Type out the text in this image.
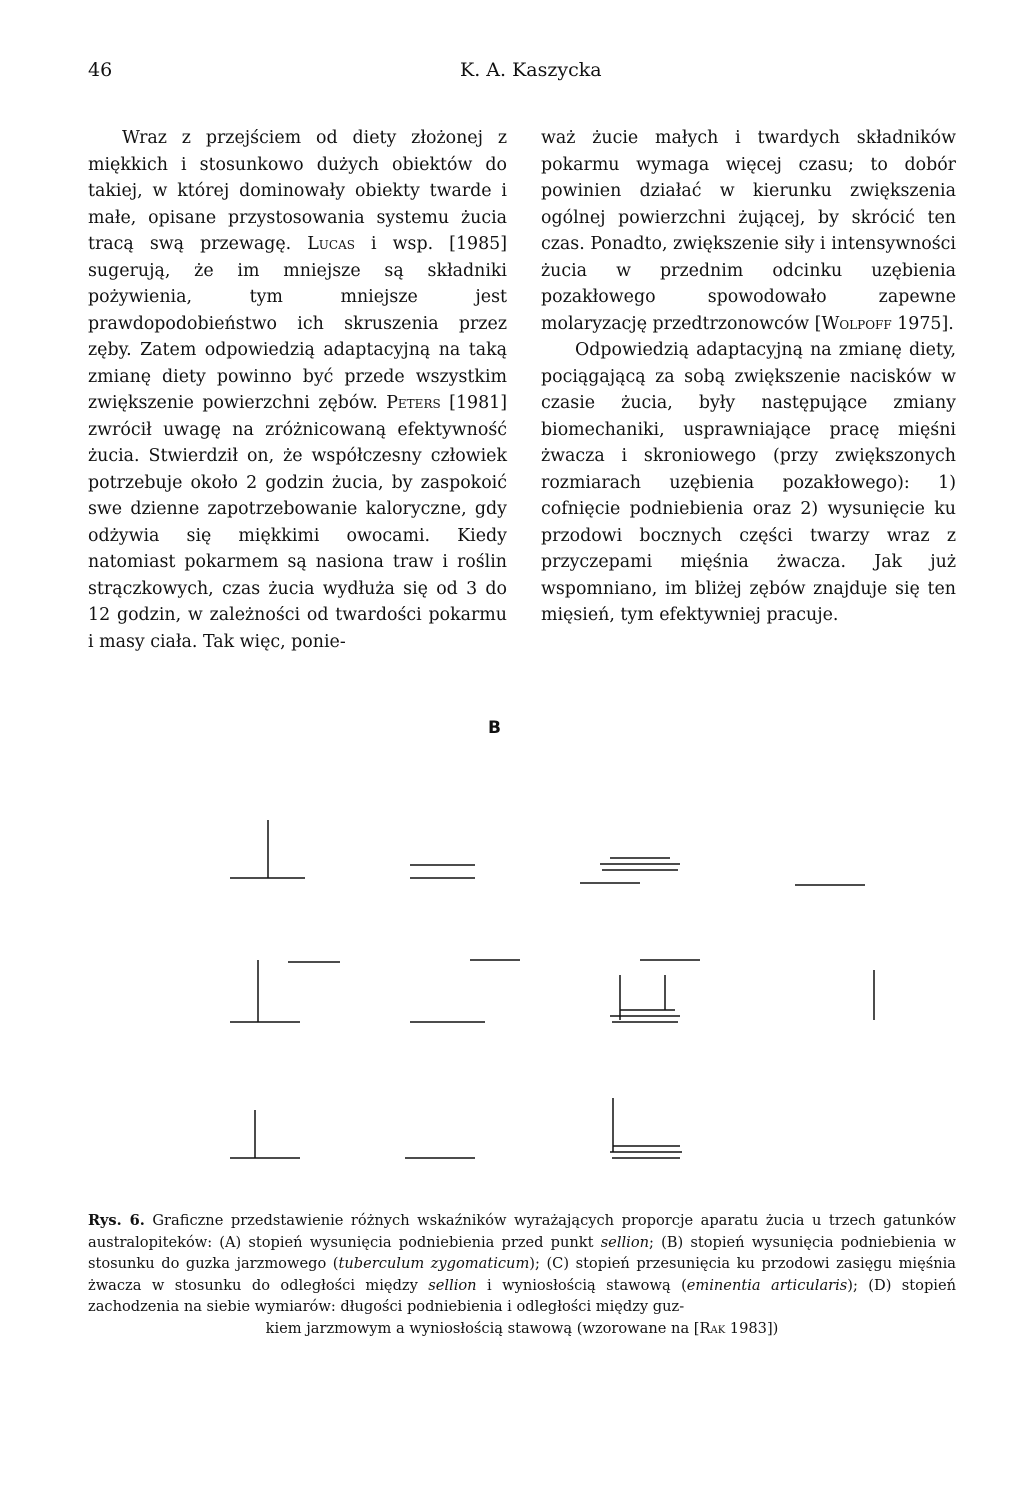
46	K. A. Kaszycka

Wraz z przejściem od diety złożonej z miękkich i stosunkowo dużych obiektów do takiej, w której dominowały obiekty twarde i małe, opisane przystosowania systemu żucia tracą swą przewagę. Lucas i wsp. [1985] sugerują, że im mniejsze są składniki pożywienia, tym mniejsze jest prawdopodobieństwo ich skruszenia przez zęby. Zatem odpowiedzią adaptacyjną na taką zmianę diety powinno być przede wszystkim zwiększenie powierzchni zębów. Peters [1981] zwrócił uwagę na zróżnicowaną efektywność żucia. Stwierdził on, że współczesny człowiek potrzebuje około 2 godzin żucia, by zaspokoić swe dzienne zapotrzebowanie kaloryczne, gdy odżywia się miękkimi owocami. Kiedy natomiast pokarmem są nasiona traw i roślin strączkowych, czas żucia wydłuża się od 3 do 12 godzin, w zależności od twardości pokarmu i masy ciała. Tak więc, ponie-

waż żucie małych i twardych składników pokarmu wymaga więcej czasu; to dobór powinien działać w kierunku zwiększenia ogólnej powierzchni żującej, by skrócić ten czas. Ponadto, zwiększenie siły i intensywności żucia w przednim odcinku uzębienia pozakłowego spowodowało zapewne molaryzację przedtrzonowców [Wolpoff 1975].

Odpowiedzią adaptacyjną na zmianę diety, pociągającą za sobą zwiększenie nacisków w czasie żucia, były następujące zmiany biomechaniki, usprawniające pracę mięśni żwacza i skroniowego (przy zwiększonych rozmiarach uzębienia pozakłowego): 1) cofnięcie podniebienia oraz 2) wysunięcie ku przodowi bocznych części twarzy wraz z przyczepami mięśnia żwacza. Jak już wspomniano, im bliżej zębów znajduje się ten mięsień, tym efektywniej pracuje.

B
Rys. 6. Graficzne przedstawienie różnych wskaźników wyrażających proporcje aparatu żucia u trzech gatunków australopiteków: (A) stopień wysunięcia podniebienia przed punkt sellion; (B) stopień wysunięcia podniebienia w stosunku do guzka jarzmowego (tuberculum zygomaticum); (C) stopień przesunięcia ku przodowi zasięgu mięśnia żwacza w stosunku do odległości między sellion i wyniosłością stawową (eminentia articularis); (D) stopień zachodzenia na siebie wymiarów: długości podniebienia i odległości między guz-
kiem jarzmowym a wyniosłością stawową (wzorowane na [Rak 1983])
